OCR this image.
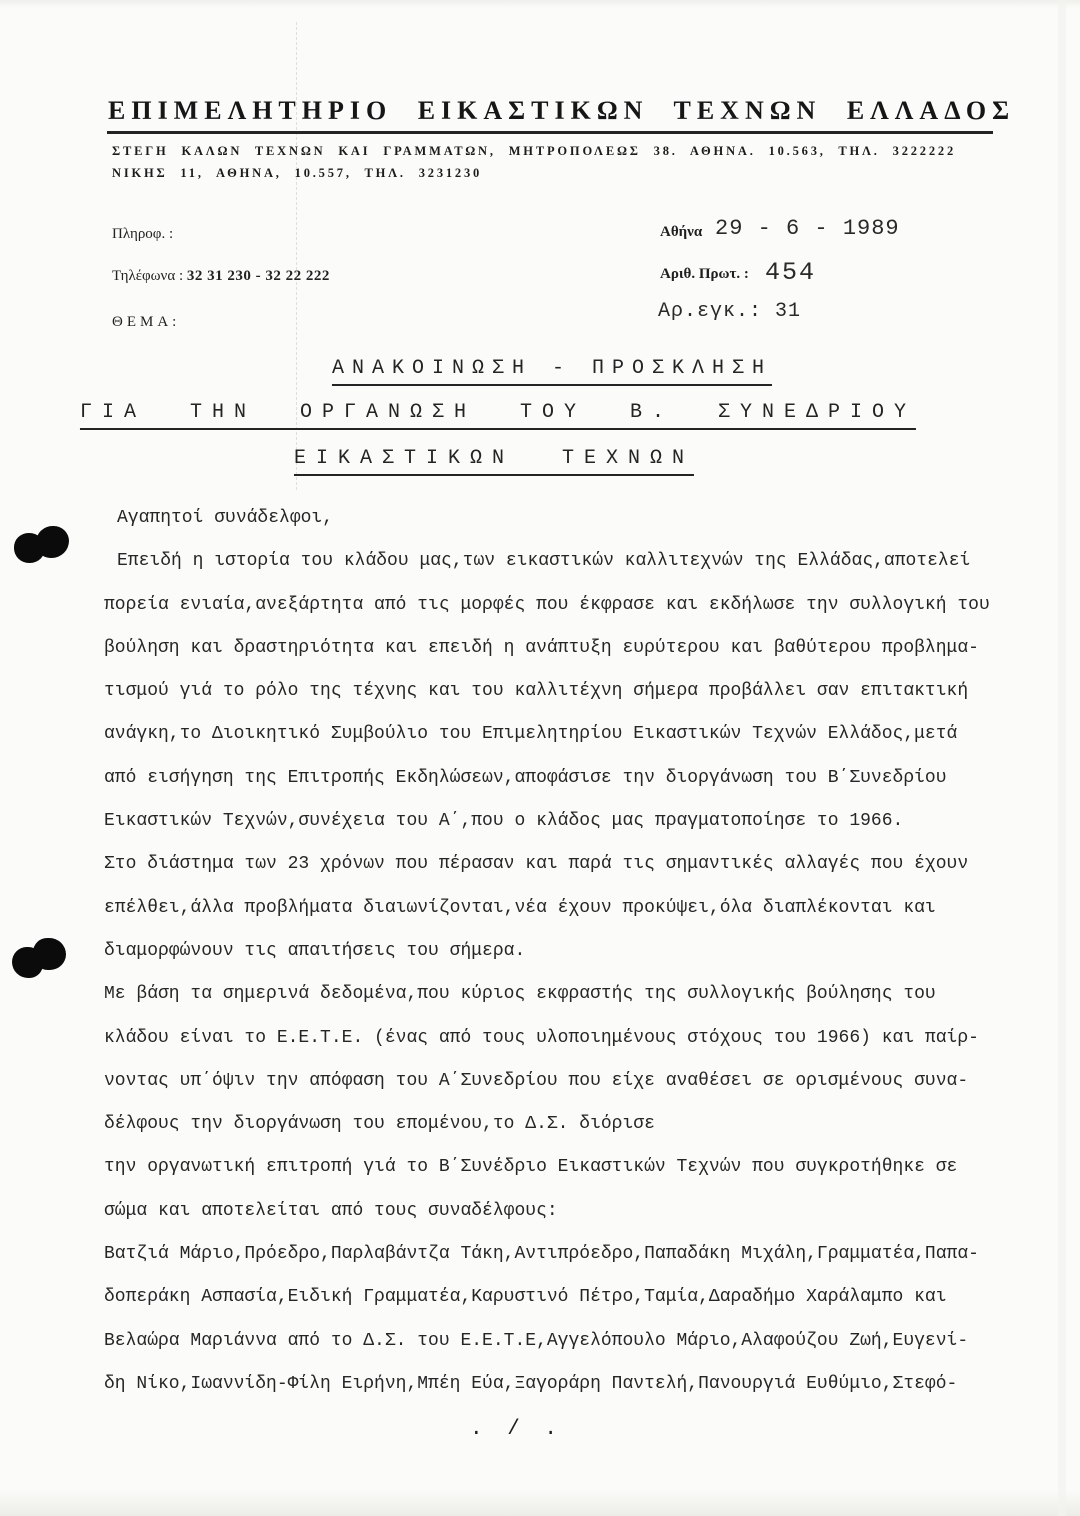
ΕΠΙΜΕΛΗΤΗΡΙΟ ΕΙΚΑΣΤΙΚΩΝ ΤΕΧΝΩΝ ΕΛΛΑΔΟΣ
ΣΤΕΓΗ ΚΑΛΩΝ ΤΕΧΝΩΝ ΚΑΙ ΓΡΑΜΜΑΤΩΝ, ΜΗΤΡΟΠΟΛΕΩΣ 38. ΑΘΗΝΑ. 10.563, ΤΗΛ. 3222222
ΝΙΚΗΣ 11, ΑΘΗΝΑ, 10.557, ΤΗΛ. 3231230
Πληροφ. :
Τηλέφωνα : 32 31 230 - 32 22 222
ΘΕΜΑ:
Αθήνα 29 - 6 - 1989
Αριθ. Πρωτ. : 454
Αρ.εγκ.: 31
ΑΝΑΚΟΙΝΩΣΗ - ΠΡΟΣΚΛΗΣΗ
ΓΙΑ ΤΗΝ ΟΡΓΑΝΩΣΗ ΤΟΥ Β. ΣΥΝΕΔΡΙΟΥ
ΕΙΚΑΣΤΙΚΩΝ ΤΕΧΝΩΝ
Αγαπητοί συνάδελφοι,
Επειδή η ιστορία του κλάδου μας,των εικαστικών καλλιτεχνών της Ελλάδας,αποτελεί
πορεία ενιαία,ανεξάρτητα από τις μορφές που έκφρασε και εκδήλωσε την συλλογική του
βούληση και δραστηριότητα και επειδή η ανάπτυξη ευρύτερου και βαθύτερου προβλημα-
τισμού γιά το ρόλο της τέχνης και του καλλιτέχνη σήμερα προβάλλει σαν επιτακτική
ανάγκη,το Διοικητικό Συμβούλιο του Επιμελητηρίου Εικαστικών Τεχνών Ελλάδος,μετά
από εισήγηση της Επιτροπής Εκδηλώσεων,αποφάσισε την διοργάνωση του Β΄Συνεδρίου
Εικαστικών Τεχνών,συνέχεια του Α΄,που ο κλάδος μας πραγματοποίησε το 1966.
Στο διάστημα των 23 χρόνων που πέρασαν και παρά τις σημαντικές αλλαγές που έχουν
επέλθει,άλλα προβλήματα διαιωνίζονται,νέα έχουν προκύψει,όλα διαπλέκονται και
διαμορφώνουν τις απαιτήσεις του σήμερα.
Με βάση τα σημερινά δεδομένα,που κύριος εκφραστής της συλλογικής βούλησης του
κλάδου είναι το Ε.Ε.Τ.Ε. (ένας από τους υλοποιημένους στόχους του 1966) και παίρ-
νοντας υπ΄όψιν την απόφαση του Α΄Συνεδρίου που είχε αναθέσει σε ορισμένους συνα-
δέλφους την διοργάνωση του επομένου,το Δ.Σ. διόρισε
την οργανωτική επιτροπή γιά το Β΄Συνέδριο Εικαστικών Τεχνών που συγκροτήθηκε σε
σώμα και αποτελείται από τους συναδέλφους:
Βατζιά Μάριο,Πρόεδρο,Παρλαβάντζα Τάκη,Αντιπρόεδρο,Παπαδάκη Μιχάλη,Γραμματέα,Παπα-
δοπεράκη Ασπασία,Ειδική Γραμματέα,Καρυστινό Πέτρο,Ταμία,Δαραδήμο Χαράλαμπο και
Βελαώρα Μαριάννα από το Δ.Σ. του Ε.Ε.Τ.Ε,Αγγελόπουλο Μάριο,Αλαφούζου Ζωή,Ευγενί-
δη Νίκο,Ιωαννίδη-Φίλη Ειρήνη,Μπέη Εύα,Ξαγοράρη Παντελή,Πανουργιά Ευθύμιο,Στεφό-
. / .
